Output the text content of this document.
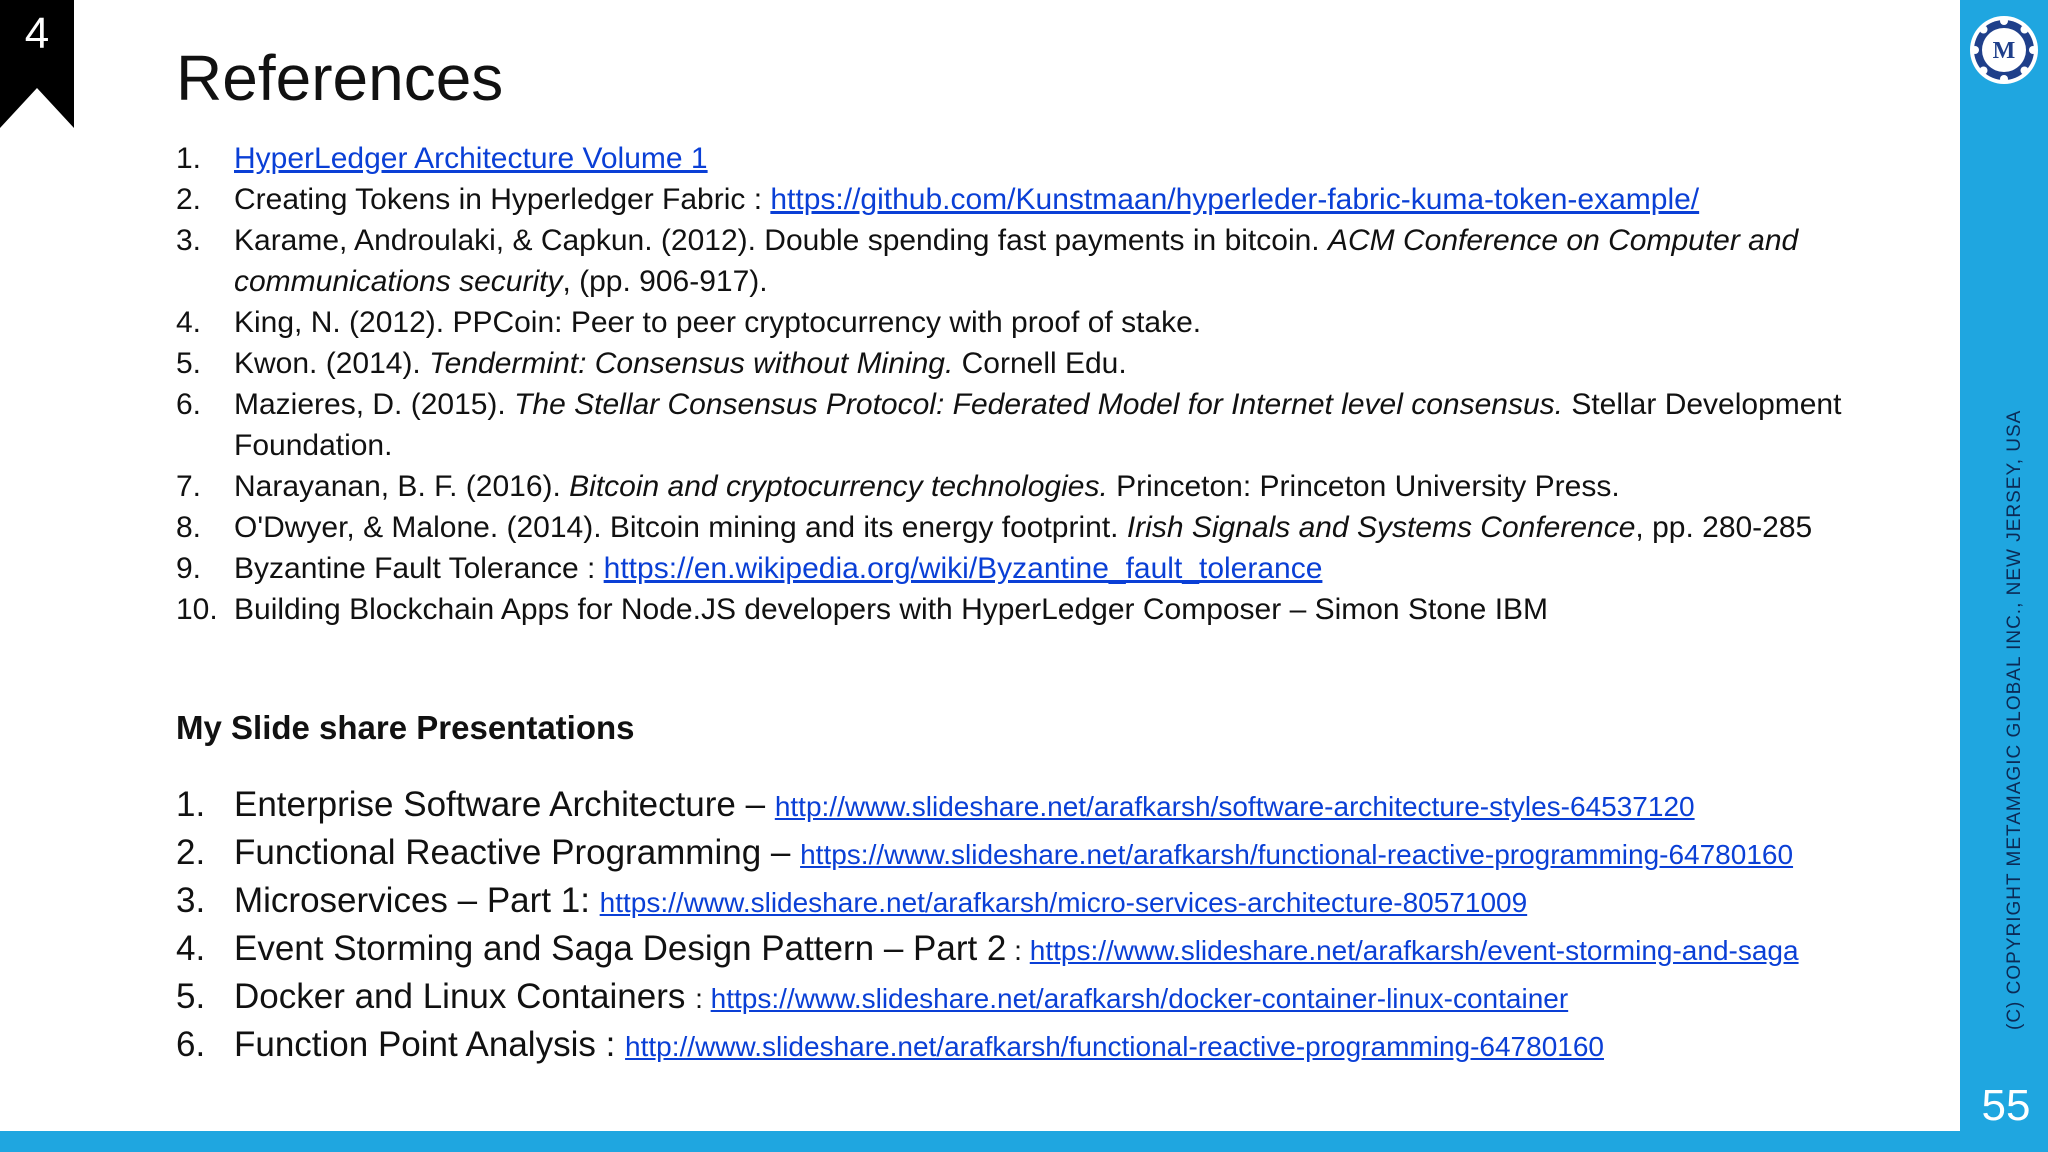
4
References
1. HyperLedger Architecture Volume 1
2. Creating Tokens in Hyperledger Fabric : https://github.com/Kunstmaan/hyperleder-fabric-kuma-token-example/
3. Karame, Androulaki, & Capkun. (2012). Double spending fast payments in bitcoin. ACM Conference on Computer and communications security, (pp. 906-917).
4. King, N. (2012). PPCoin: Peer to peer cryptocurrency with proof of stake.
5. Kwon. (2014). Tendermint: Consensus without Mining. Cornell Edu.
6. Mazieres, D. (2015). The Stellar Consensus Protocol: Federated Model for Internet level consensus. Stellar Development Foundation.
7. Narayanan, B. F. (2016). Bitcoin and cryptocurrency technologies. Princeton: Princeton University Press.
8. O'Dwyer, & Malone. (2014). Bitcoin mining and its energy footprint. Irish Signals and Systems Conference, pp. 280-285
9. Byzantine Fault Tolerance : https://en.wikipedia.org/wiki/Byzantine_fault_tolerance
10. Building Blockchain Apps for Node.JS developers with HyperLedger Composer – Simon Stone IBM
My Slide share Presentations
1. Enterprise Software Architecture – http://www.slideshare.net/arafkarsh/software-architecture-styles-64537120
2. Functional Reactive Programming – https://www.slideshare.net/arafkarsh/functional-reactive-programming-64780160
3. Microservices – Part 1: https://www.slideshare.net/arafkarsh/micro-services-architecture-80571009
4. Event Storming and Saga Design Pattern – Part 2 : https://www.slideshare.net/arafkarsh/event-storming-and-saga
5. Docker and Linux Containers : https://www.slideshare.net/arafkarsh/docker-container-linux-container
6. Function Point Analysis : http://www.slideshare.net/arafkarsh/functional-reactive-programming-64780160
M
(C) COPYRIGHT METAMAGIC GLOBAL INC., NEW JERSEY, USA
55
